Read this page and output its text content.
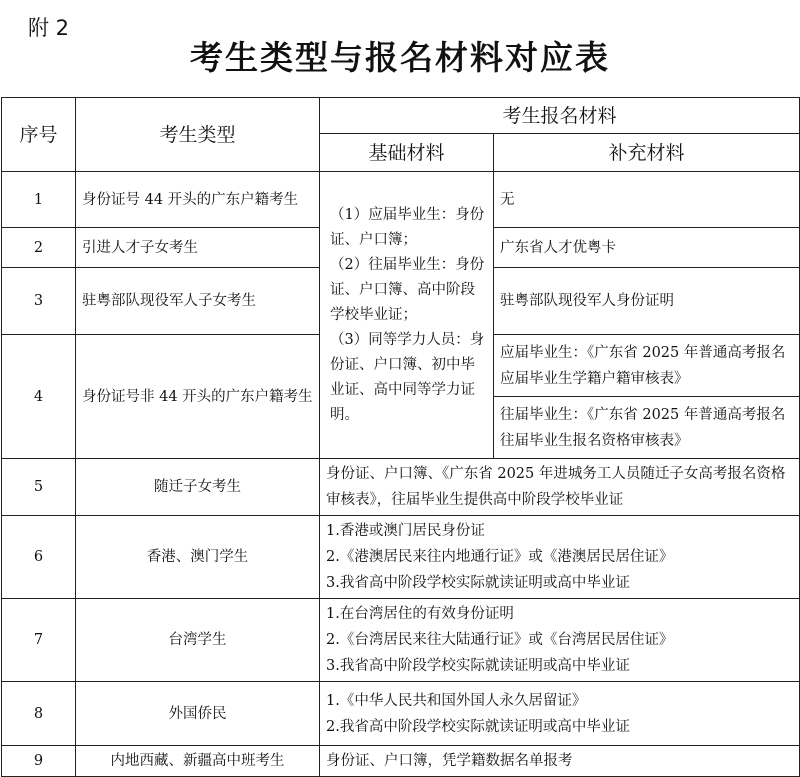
附 2
考生类型与报名材料对应表
序号	考生类型	考生报名材料	
		基础材料	补充材料
1	身份证号 44 开头的广东户籍考生	（1）应届毕业生：身份证、户口簿；
（2）往届毕业生：身份证、户口簿、高中阶段学校毕业证；
（3）同等学力人员：身份证、户口簿、初中毕业证、高中同等学力证明。	无
2	引进人才子女考生		广东省人才优粤卡
3	驻粤部队现役军人子女考生		驻粤部队现役军人身份证明
4	身份证号非 44 开头的广东户籍考生		应届毕业生：《广东省 2025 年普通高考报名应届毕业生学籍户籍审核表》
			往届毕业生：《广东省 2025 年普通高考报名往届毕业生报名资格审核表》
5	随迁子女考生	身份证、户口簿、《广东省 2025 年进城务工人员随迁子女高考报名资格审核表》，往届毕业生提供高中阶段学校毕业证	
6	香港、澳门学生	1.香港或澳门居民身份证
2.《港澳居民来往内地通行证》或《港澳居民居住证》
3.我省高中阶段学校实际就读证明或高中毕业证	

7	台湾学生	1.在台湾居住的有效身份证明
2.《台湾居民来往大陆通行证》或《台湾居民居住证》
3.我省高中阶段学校实际就读证明或高中毕业证	

8	外国侨民	1.《中华人民共和国外国人永久居留证》
2.我省高中阶段学校实际就读证明或高中毕业证	

9	内地西藏、新疆高中班考生	身份证、户口簿，凭学籍数据名单报考	
